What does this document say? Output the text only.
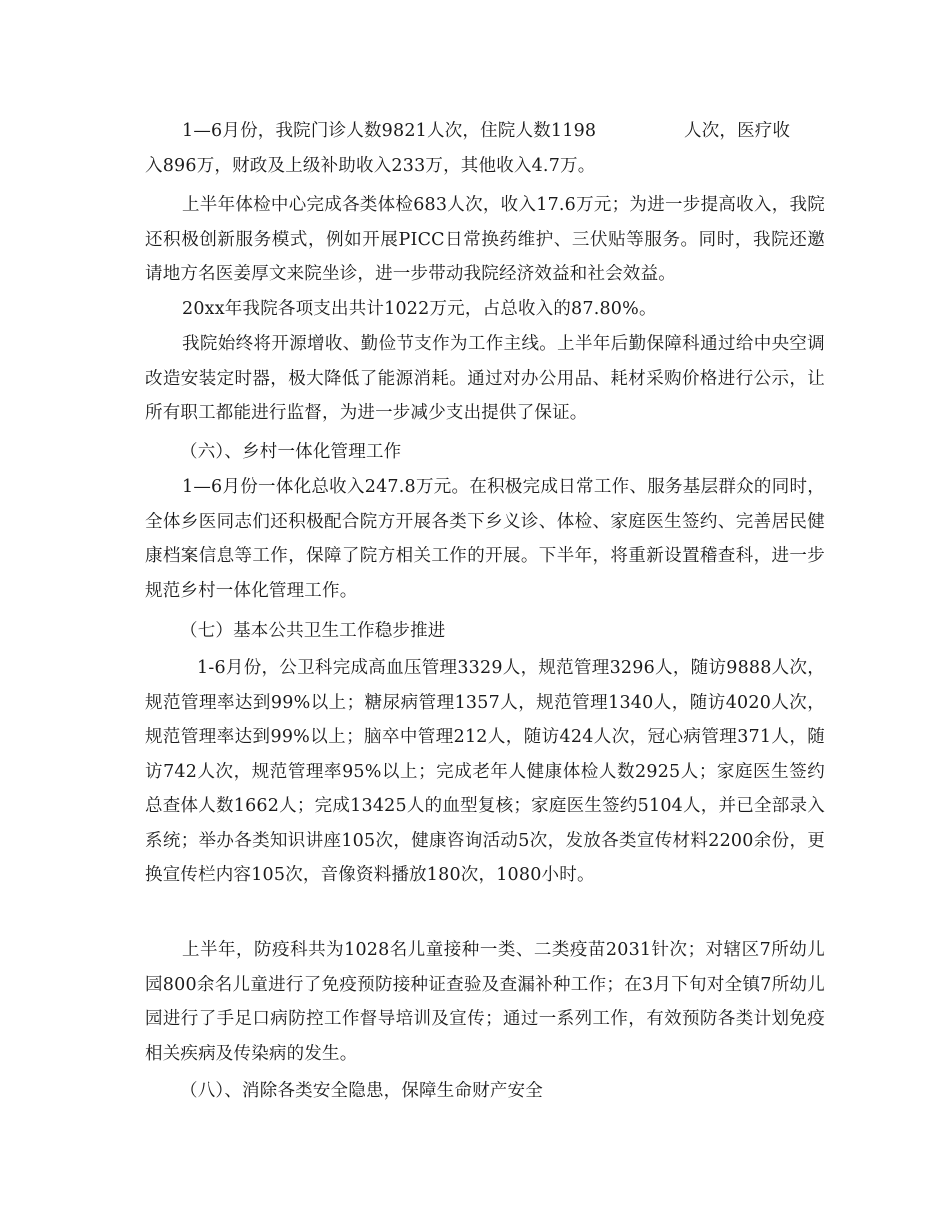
1—6月份，我院门诊人数9821人次，住院人数1198	人次，医疗收
入896万，财政及上级补助收入233万，其他收入4.7万。

上半年体检中心完成各类体检683人次，收入17.6万元；为进一步提高收入，我院还积极创新服务模式，例如开展PICC日常换药维护、三伏贴等服务。同时，我院还邀请地方名医姜厚文来院坐诊，进一步带动我院经济效益和社会效益。

20xx年我院各项支出共计1022万元，占总收入的87.80%。

我院始终将开源增收、勤俭节支作为工作主线。上半年后勤保障科通过给中央空调改造安装定时器，极大降低了能源消耗。通过对办公用品、耗材采购价格进行公示，让所有职工都能进行监督，为进一步减少支出提供了保证。

（六）、乡村一体化管理工作

1—6月份一体化总收入247.8万元。在积极完成日常工作、服务基层群众的同时，全体乡医同志们还积极配合院方开展各类下乡义诊、体检、家庭医生签约、完善居民健康档案信息等工作，保障了院方相关工作的开展。下半年，将重新设置稽查科，进一步规范乡村一体化管理工作。

（七）基本公共卫生工作稳步推进

1-6月份，公卫科完成高血压管理3329人，规范管理3296人，随访9888人次，规范管理率达到99%以上；糖尿病管理1357人，规范管理1340人，随访4020人次，规范管理率达到99%以上；脑卒中管理212人，随访424人次，冠心病管理371人，随访742人次，规范管理率95%以上；完成老年人健康体检人数2925人；家庭医生签约总查体人数1662人；完成13425人的血型复核；家庭医生签约5104人，并已全部录入系统；举办各类知识讲座105次，健康咨询活动5次，发放各类宣传材料2200余份，更换宣传栏内容105次，音像资料播放180次，1080小时。

上半年，防疫科共为1028名儿童接种一类、二类疫苗2031针次；对辖区7所幼儿园800余名儿童进行了免疫预防接种证查验及查漏补种工作；在3月下旬对全镇7所幼儿园进行了手足口病防控工作督导培训及宣传；通过一系列工作，有效预防各类计划免疫相关疾病及传染病的发生。

（八）、消除各类安全隐患，保障生命财产安全
